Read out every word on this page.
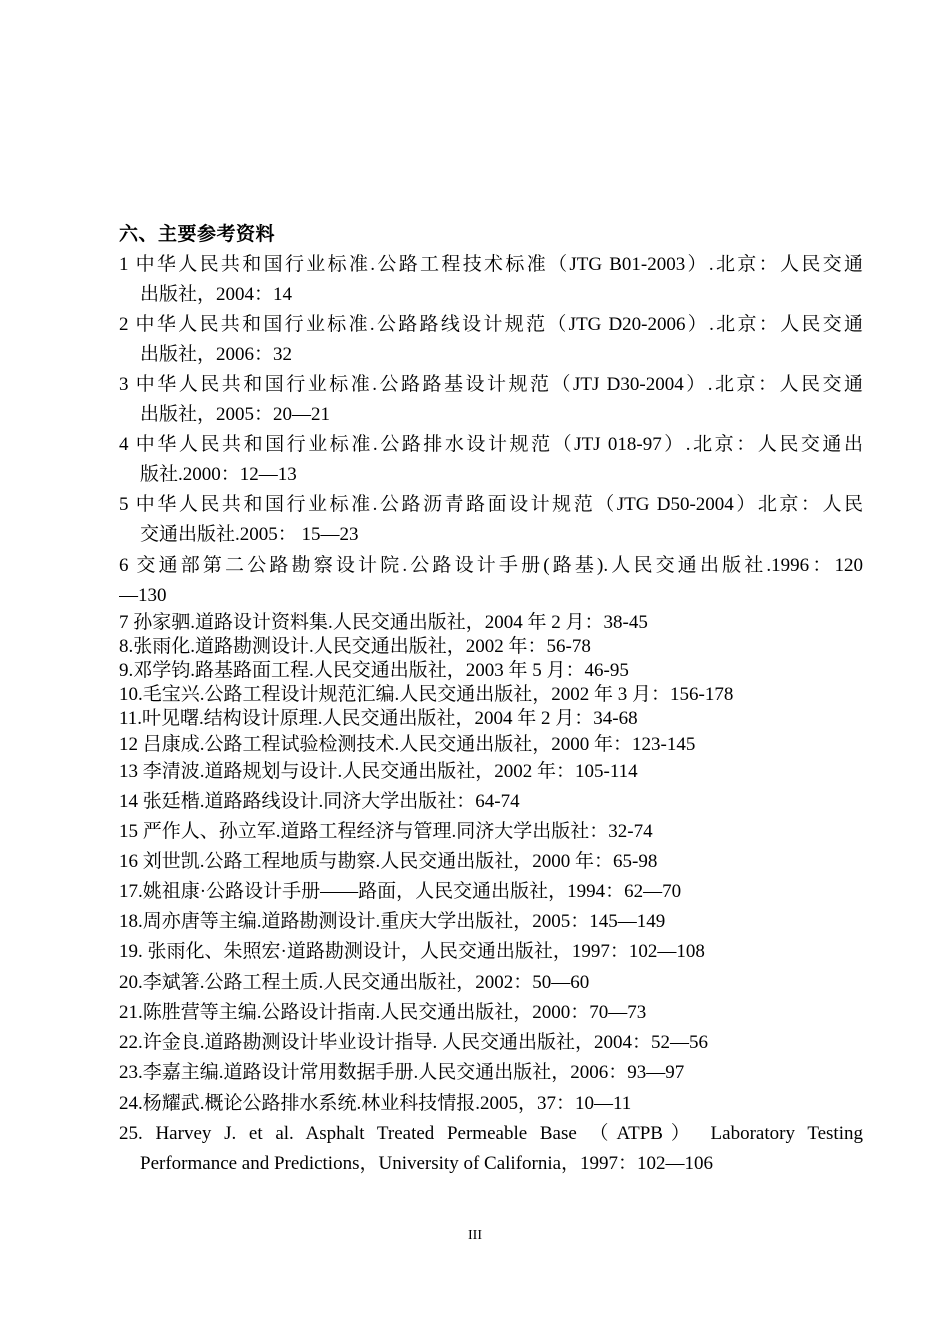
六、主要参考资料
1 中华人民共和国行业标准.公路工程技术标准（JTG B01-2003）.北京：人民交通
出版社，2004：14
2 中华人民共和国行业标准.公路路线设计规范（JTG D20-2006）.北京：人民交通
出版社，2006：32
3 中华人民共和国行业标准.公路路基设计规范（JTJ D30-2004）.北京：人民交通
出版社，2005：20—21
4 中华人民共和国行业标准.公路排水设计规范（JTJ 018-97）.北京：人民交通出
版社.2000：12—13
5 中华人民共和国行业标准.公路沥青路面设计规范（JTG D50-2004）北京：人民
交通出版社.2005： 15—23
6 交通部第二公路勘察设计院.公路设计手册(路基).人民交通出版社.1996：120
—130
7 孙家驷.道路设计资料集.人民交通出版社，2004 年 2 月：38-45
8.张雨化.道路勘测设计.人民交通出版社，2002 年：56-78
9.邓学钧.路基路面工程.人民交通出版社，2003 年 5 月：46-95
10.毛宝兴.公路工程设计规范汇编.人民交通出版社，2002 年 3 月：156-178
11.叶见曙.结构设计原理.人民交通出版社，2004 年 2 月：34-68
12 吕康成.公路工程试验检测技术.人民交通出版社，2000 年：123-145
13 李清波.道路规划与设计.人民交通出版社，2002 年：105-114
14 张廷楷.道路路线设计.同济大学出版社：64-74
15 严作人、孙立军.道路工程经济与管理.同济大学出版社：32-74
16 刘世凯.公路工程地质与勘察.人民交通出版社，2000 年：65-98
17.姚祖康·公路设计手册——路面，人民交通出版社，1994：62—70
18.周亦唐等主编.道路勘测设计.重庆大学出版社，2005：145—149
19. 张雨化、朱照宏·道路勘测设计，人民交通出版社，1997：102—108
20.李斌箸.公路工程土质.人民交通出版社，2002：50—60
21.陈胜营等主编.公路设计指南.人民交通出版社，2000：70—73
22.许金良.道路勘测设计毕业设计指导. 人民交通出版社，2004：52—56
23.李嘉主编.道路设计常用数据手册.人民交通出版社，2006：93—97
24.杨耀武.概论公路排水系统.林业科技情报.2005，37：10—11
25. Harvey J. et al. Asphalt Treated Permeable Base （ATPB） Laboratory Testing
Performance and Predictions，University of California，1997：102—106
III
